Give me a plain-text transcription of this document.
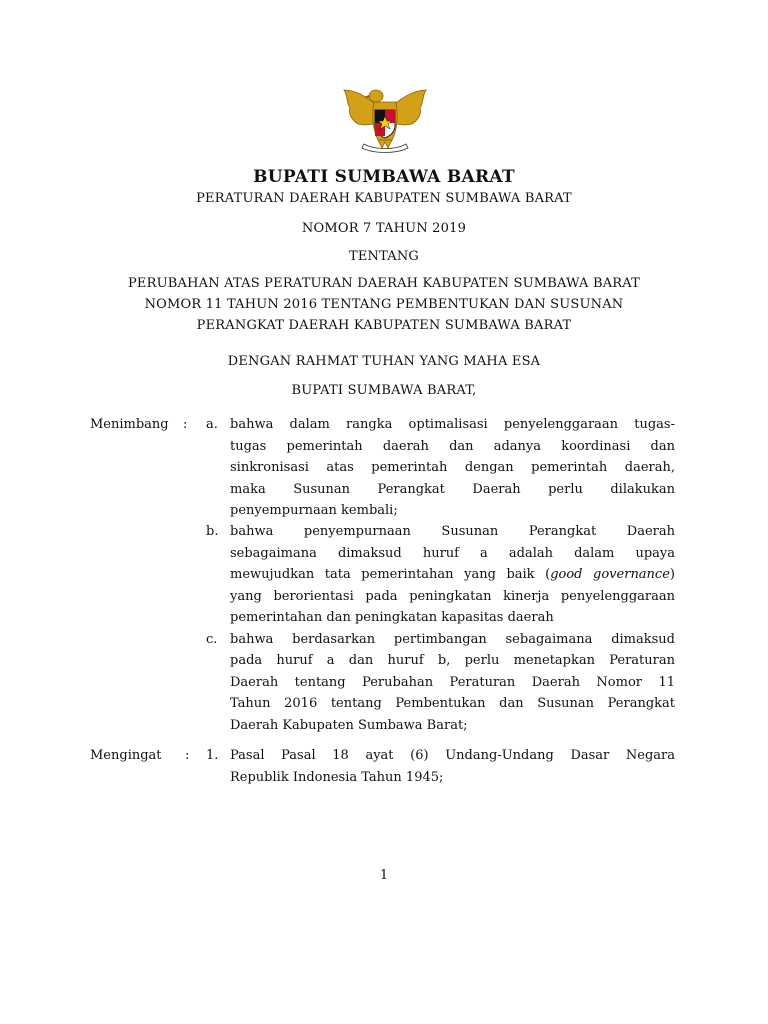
BUPATI SUMBAWA BARAT
PERATURAN DAERAH KABUPATEN SUMBAWA BARAT
NOMOR 7 TAHUN 2019
TENTANG
PERUBAHAN ATAS PERATURAN DAERAH KABUPATEN SUMBAWA BARAT
NOMOR 11 TAHUN 2016 TENTANG PEMBENTUKAN DAN SUSUNAN
PERANGKAT DAERAH KABUPATEN SUMBAWA BARAT
DENGAN RAHMAT TUHAN YANG MAHA ESA
BUPATI SUMBAWA BARAT,
Menimbang : a. bahwa dalam rangka optimalisasi penyelenggaraan tugas-
tugas pemerintah daerah dan adanya koordinasi dan
sinkronisasi atas pemerintah dengan pemerintah daerah,
maka Susunan Perangkat Daerah perlu dilakukan
penyempurnaan kembali;
b. bahwa penyempurnaan Susunan Perangkat Daerah
sebagaimana dimaksud huruf a adalah dalam upaya
mewujudkan tata pemerintahan yang baik (good governance)
yang berorientasi pada peningkatan kinerja penyelenggaraan
pemerintahan dan peningkatan kapasitas daerah
c. bahwa berdasarkan pertimbangan sebagaimana dimaksud
pada huruf a dan huruf b, perlu menetapkan Peraturan
Daerah tentang Perubahan Peraturan Daerah Nomor 11
Tahun 2016 tentang Pembentukan dan Susunan Perangkat
Daerah Kabupaten Sumbawa Barat;
Mengingat : 1. Pasal Pasal 18 ayat (6) Undang-Undang Dasar Negara
Republik Indonesia Tahun 1945;
1
